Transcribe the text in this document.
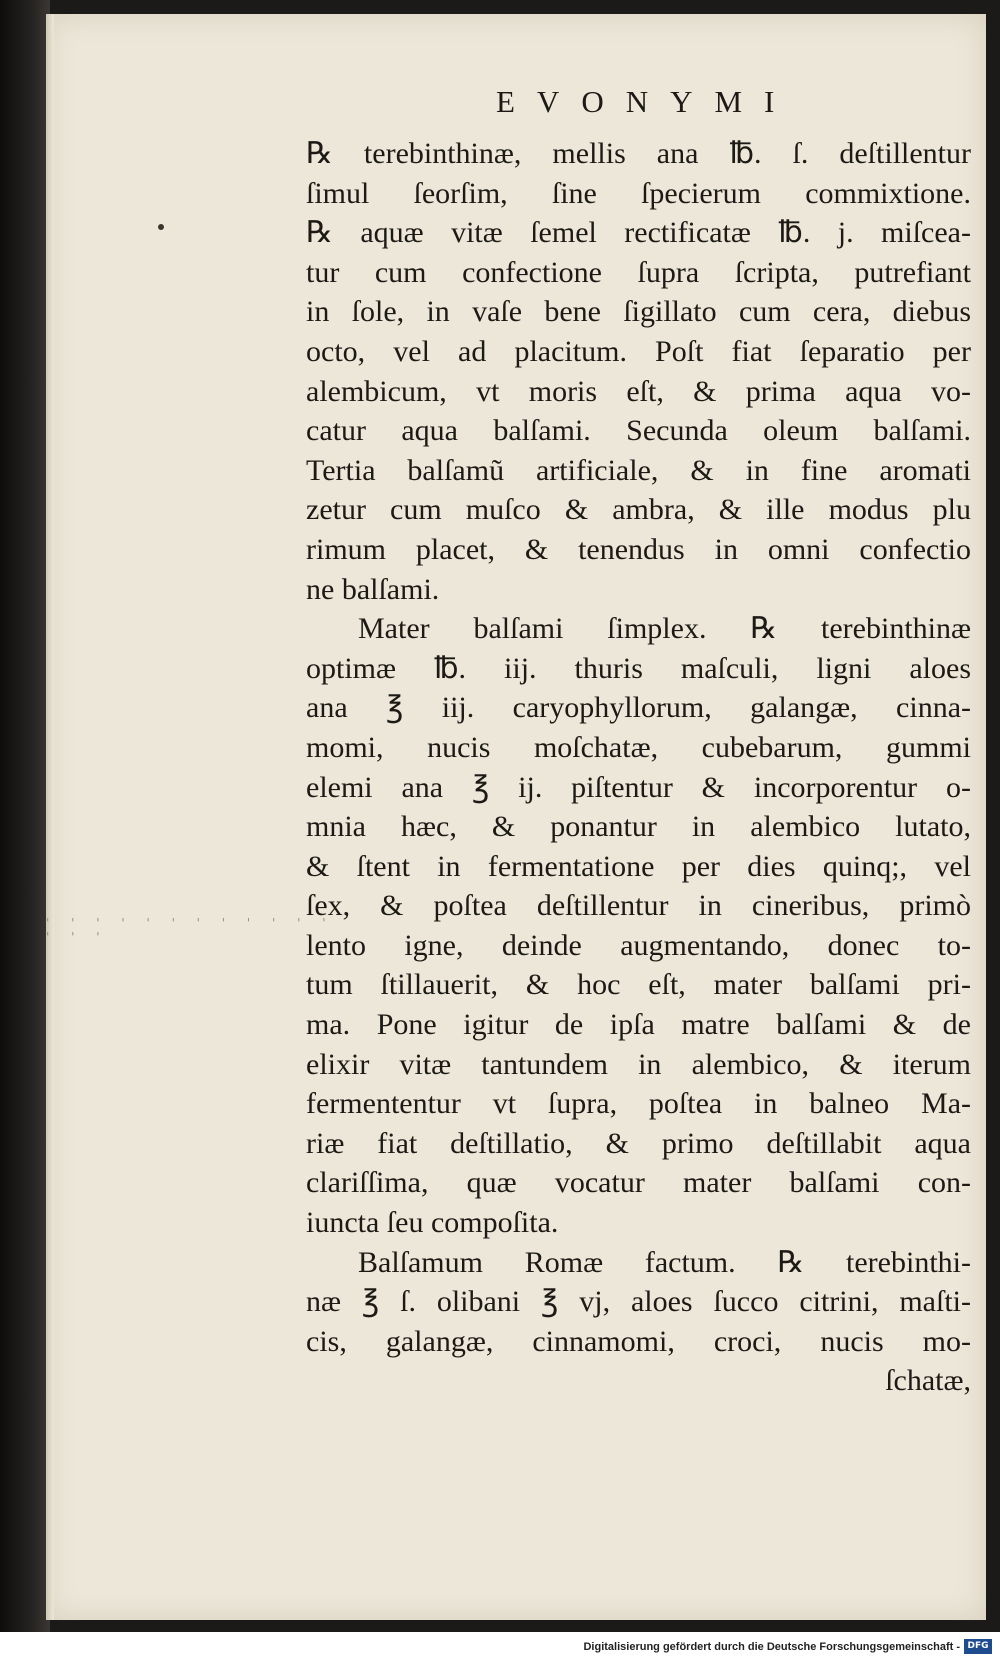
' ' ' ' ' ' ' ' ' ' ' ' ' ' '
EVONYMI
℞ terebinthinæ, mellis ana ℔. ſ. deſtillentur
ſimul ſeorſim, ſine ſpecierum commixtione.
℞ aquæ vitæ ſemel rectificatæ ℔. j. miſcea‑
tur cum confectione ſupra ſcripta, putrefiant
in ſole, in vaſe bene ſigillato cum cera, diebus
octo, vel ad placitum. Poſt fiat ſeparatio per
alembicum, vt moris eſt, & prima aqua vo‑
catur aqua balſami. Secunda oleum balſami.
Tertia balſamũ artificiale, & in fine aromati
zetur cum muſco & ambra, & ille modus plu
rimum placet, & tenendus in omni confectio
ne balſami.
Mater balſami ſimplex. ℞ terebinthinæ
optimæ ℔. iij. thuris maſculi, ligni aloes
ana ℥ iij. caryophyllorum, galangæ, cinna‑
momi, nucis moſchatæ, cubebarum, gummi
elemi ana ℥ ij. piſtentur & incorporentur o‑
mnia hæc, & ponantur in alembico lutato,
& ſtent in fermentatione per dies quinq;, vel
ſex, & poſtea deſtillentur in cineribus, primò
lento igne, deinde augmentando, donec to‑
tum ſtillauerit, & hoc eſt, mater balſami pri‑
ma. Pone igitur de ipſa matre balſami & de
elixir vitæ tantundem in alembico, & iterum
fermententur vt ſupra, poſtea in balneo Ma‑
riæ fiat deſtillatio, & primo deſtillabit aqua
clariſſima, quæ vocatur mater balſami con‑
iuncta ſeu compoſita.
Balſamum Romæ factum. ℞ terebinthi‑
næ ℥ ſ. olibani ℥ vj, aloes ſucco citrini, maſti‑
cis, galangæ, cinnamomi, croci, nucis mo‑
ſchatæ,
Digitalisierung gefördert durch die Deutsche Forschungsgemeinschaft - DFG
